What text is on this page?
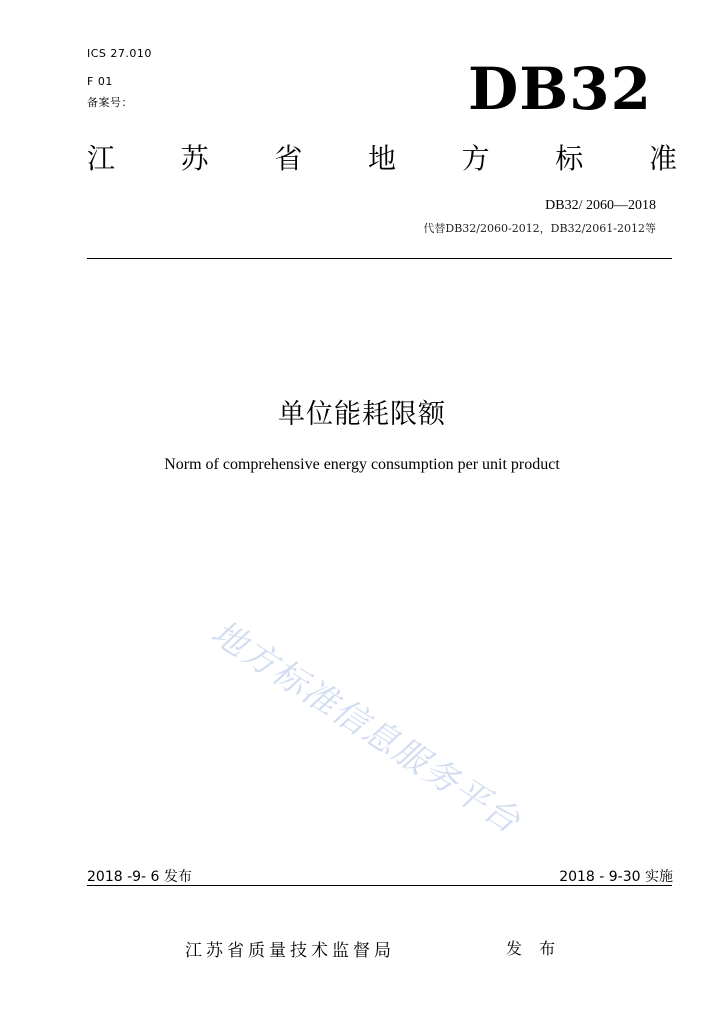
ICS 27.010
F 01
备案号：	DB32
江 苏 省 地 方 标 准
DB32/ 2060—2018
代替DB32/2060-2012，DB32/2061-2012等
单位能耗限额
Norm of comprehensive energy consumption per unit product
地方标准信息服务平台
2018 -9- 6 发布	2018 - 9-30 实施
江苏省质量技术监督局	发 布
